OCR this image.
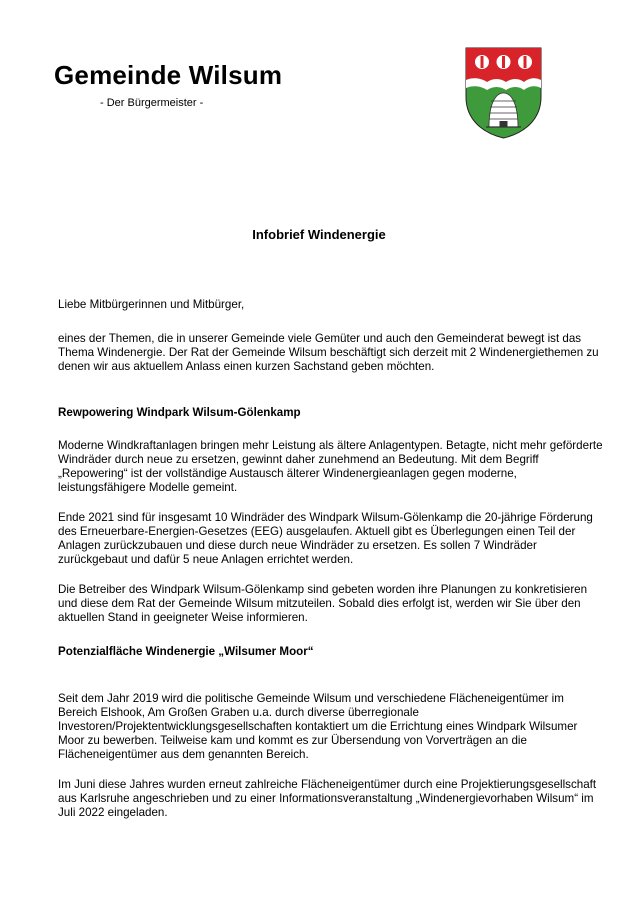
Gemeinde Wilsum
- Der Bürgermeister -
Infobrief Windenergie

Liebe Mitbürgerinnen und Mitbürger,

eines der Themen, die in unserer Gemeinde viele Gemüter und auch den Gemeinderat bewegt ist das Thema Windenergie. Der Rat der Gemeinde Wilsum beschäftigt sich derzeit mit 2 Windenergiethemen zu denen wir aus aktuellem Anlass einen kurzen Sachstand geben möchten.

Rewpowering Windpark Wilsum-Gölenkamp

Moderne Windkraftanlagen bringen mehr Leistung als ältere Anlagentypen. Betagte, nicht mehr geförderte Windräder durch neue zu ersetzen, gewinnt daher zunehmend an Bedeutung. Mit dem Begriff „Repowering“ ist der vollständige Austausch älterer Windenergieanlagen gegen moderne, leistungsfähigere Modelle gemeint.

Ende 2021 sind für insgesamt 10 Windräder des Windpark Wilsum-Gölenkamp die 20-jährige Förderung des Erneuerbare-Energien-Gesetzes (EEG) ausgelaufen. Aktuell gibt es Überlegungen einen Teil der Anlagen zurückzubauen und diese durch neue Windräder zu ersetzen. Es sollen 7 Windräder zurückgebaut und dafür 5 neue Anlagen errichtet werden.

Die Betreiber des Windpark Wilsum-Gölenkamp sind gebeten worden ihre Planungen zu konkretisieren und diese dem Rat der Gemeinde Wilsum mitzuteilen. Sobald dies erfolgt ist, werden wir Sie über den aktuellen Stand in geeigneter Weise informieren.

Potenzialfläche Windenergie „Wilsumer Moor“

Seit dem Jahr 2019 wird die politische Gemeinde Wilsum und verschiedene Flächeneigentümer im Bereich Elshook, Am Großen Graben u.a. durch diverse überregionale Investoren/Projektentwicklungsgesellschaften kontaktiert um die Errichtung eines Windpark Wilsumer Moor zu bewerben. Teilweise kam und kommt es zur Übersendung von Vorverträgen an die Flächeneigentümer aus dem genannten Bereich.

Im Juni diese Jahres wurden erneut zahlreiche Flächeneigentümer durch eine Projektierungsgesellschaft aus Karlsruhe angeschrieben und zu einer Informationsveranstaltung „Windenergievorhaben Wilsum“ im Juli 2022 eingeladen.
